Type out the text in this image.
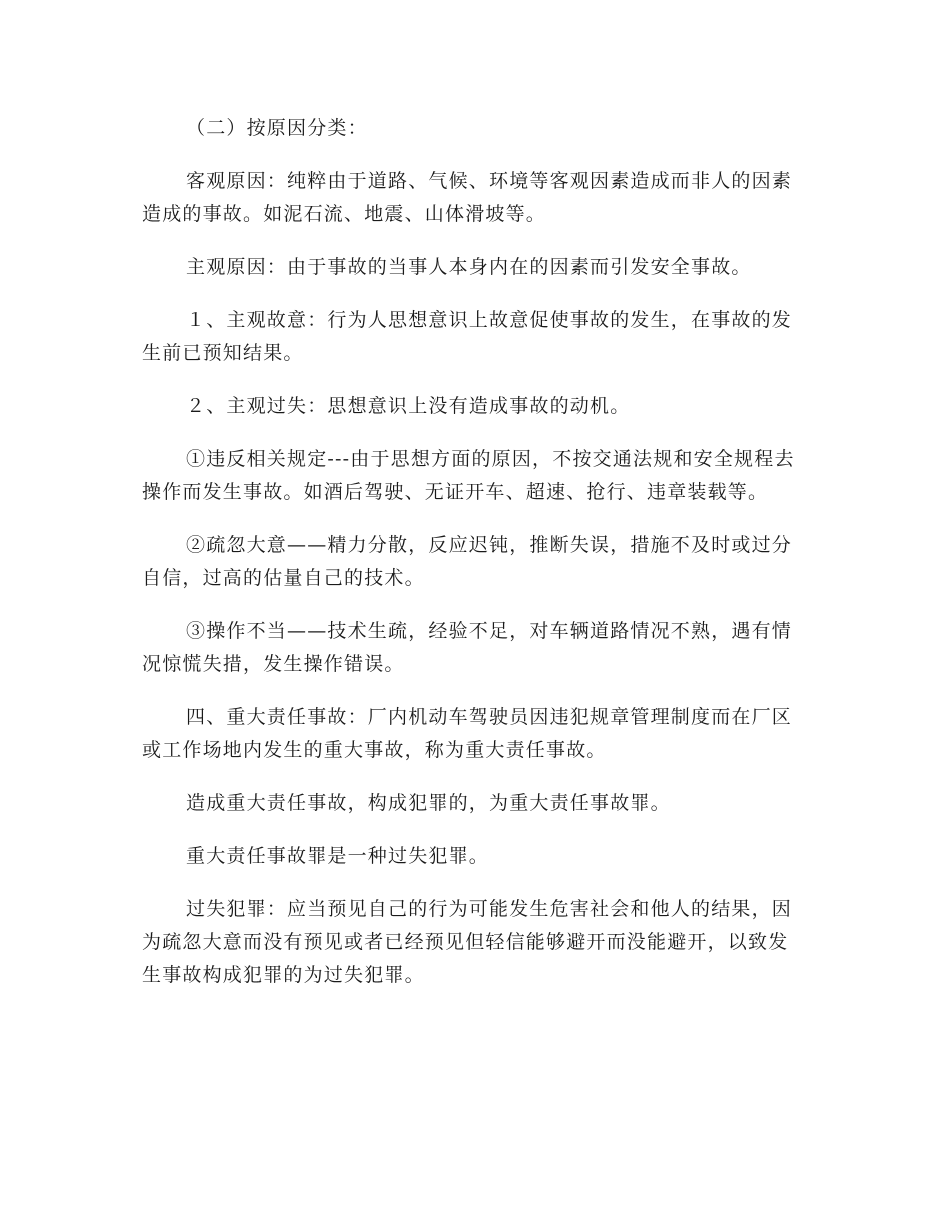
（二）按原因分类：

客观原因：纯粹由于道路、气候、环境等客观因素造成而非人的因素造成的事故。如泥石流、地震、山体滑坡等。

主观原因：由于事故的当事人本身内在的因素而引发安全事故。

１、主观故意：行为人思想意识上故意促使事故的发生，在事故的发生前已预知结果。

２、主观过失：思想意识上没有造成事故的动机。

①违反相关规定---由于思想方面的原因，不按交通法规和安全规程去操作而发生事故。如酒后驾驶、无证开车、超速、抢行、违章装载等。

②疏忽大意——精力分散，反应迟钝，推断失误，措施不及时或过分自信，过高的估量自己的技术。

③操作不当——技术生疏，经验不足，对车辆道路情况不熟，遇有情况惊慌失措，发生操作错误。

四、重大责任事故：厂内机动车驾驶员因违犯规章管理制度而在厂区或工作场地内发生的重大事故，称为重大责任事故。

造成重大责任事故，构成犯罪的，为重大责任事故罪。

重大责任事故罪是一种过失犯罪。

过失犯罪：应当预见自己的行为可能发生危害社会和他人的结果，因为疏忽大意而没有预见或者已经预见但轻信能够避开而没能避开，以致发生事故构成犯罪的为过失犯罪。
